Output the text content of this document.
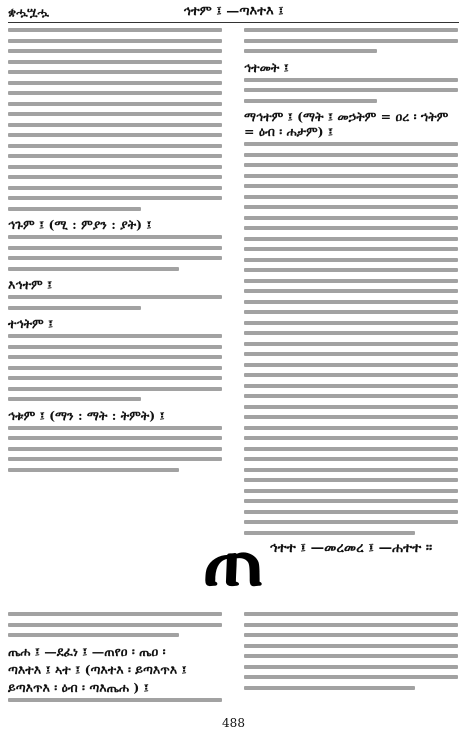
ቋሗሧሗ	ኅተም ፤ —ጣእተእ ፤
ኅጉም ፤ (ሚ : ምያን : ያት) ፤
እኅተም ፤
ተኅትም ፤
ኅቱም ፤ (ማን : ማት : ትምት) ፤
ኅተመት ፤
ማኅተም ፤ (ማት ፤ መኃትም = ዐረ ፡ ኀትም = ዕብ ፡ ሐታም) ፤
ኅተተ ፤ —መረመረ ፤ —ሐተተ ።
ጠ
ጤሐ ፤ —ደፈነ ፤ —ጠየዐ ፡ ጤዐ ፡
ጣእተእ ፤ ኣተ ፤ (ጣእተእ ፡ ይጣእጥእ ፤
ይጣእጥእ ፡ ዕብ ፡ ጣእጤሐ ) ፤
488
